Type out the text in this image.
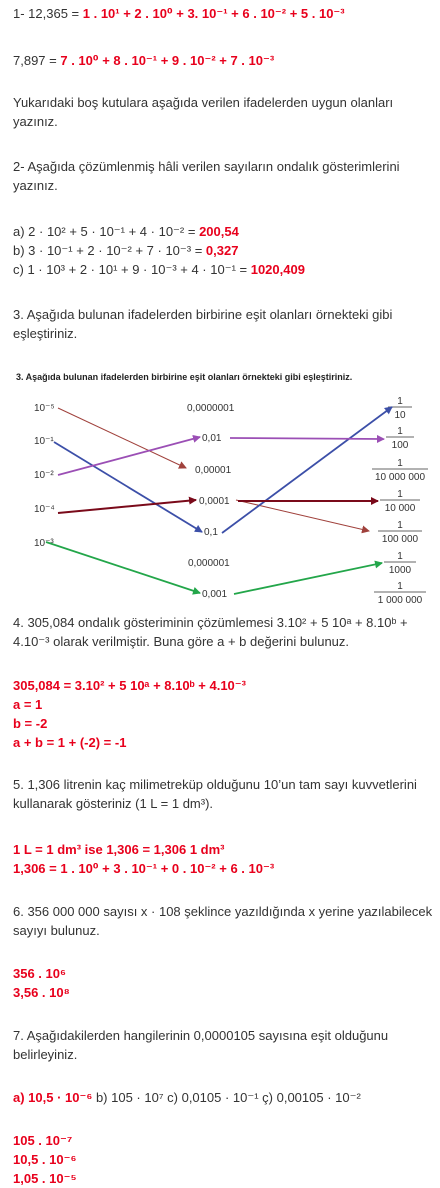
1- 12,365 = 1 . 10¹ + 2 . 10⁰ + 3. 10⁻¹ + 6 . 10⁻² + 5 . 10⁻³

7,897 = 7 . 10⁰ + 8 . 10⁻¹ + 9 . 10⁻² + 7 . 10⁻³

Yukarıdaki boş kutulara aşağıda verilen ifadelerden uygun olanları yazınız.

2- Aşağıda çözümlenmiş hâli verilen sayıların ondalık gösterimlerini yazınız.

a) 2 · 10² + 5 · 10⁻¹ + 4 · 10⁻² = 200,54

b) 3 · 10⁻¹ + 2 · 10⁻² + 7 · 10⁻³ = 0,327

c) 1 · 10³ + 2 · 10¹ + 9 · 10⁻³ + 4 · 10⁻¹ = 1020,409

3. Aşağıda bulunan ifadelerden birbirine eşit olanları örnekteki gibi eşleştiriniz.

3. Aşağıda bulunan ifadelerden birbirine eşit olanları örnekteki gibi eşleştiriniz.
10⁻⁵
10⁻¹
10⁻²
10⁻⁴
10⁻³
0,0000001
0,01
0,00001
0,0001
0,1
0,000001
0,001
1
10
1
100
1
10 000 000
1
10 000
1
100 000
1
1000
1
1 000 000

4. 305,084 ondalık gösteriminin çözümlemesi 3.10² + 5 10ᵃ + 8.10ᵇ + 4.10⁻³ olarak verilmiştir. Buna göre a + b değerini bulunuz.

305,084 = 3.10² + 5 10ᵃ + 8.10ᵇ + 4.10⁻³

a = 1

b = -2

a + b = 1 + (-2) = -1

5. 1,306 litrenin kaç milimetreküp olduğunu 10’un tam sayı kuvvetlerini kullanarak gösteriniz (1 L = 1 dm³).

1 L = 1 dm³ ise 1,306 = 1,306 1 dm³

1,306 = 1 . 10⁰ + 3 . 10⁻¹ + 0 . 10⁻² + 6 . 10⁻³

6. 356 000 000 sayısı x · 108 şeklince yazıldığında x yerine yazılabilecek sayıyı bulunuz.

356 . 10⁶

3,56 . 10⁸

7. Aşağıdakilerden hangilerinin 0,0000105 sayısına eşit olduğunu belirleyiniz.

a) 10,5 · 10⁻⁶ b) 105 · 10⁷ c) 0,0105 · 10⁻¹ ç) 0,00105 · 10⁻²

105 . 10⁻⁷

10,5 . 10⁻⁶

1,05 . 10⁻⁵
